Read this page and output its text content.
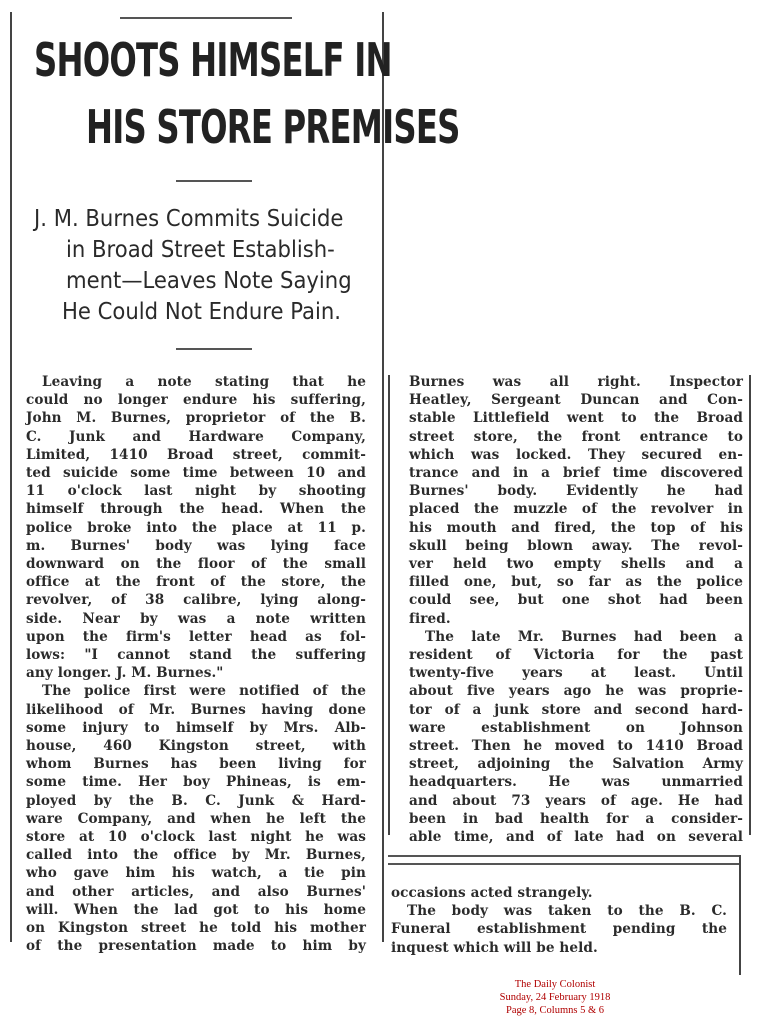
SHOOTS HIMSELF IN
HIS STORE PREMISES

J. M. Burnes Commits Suicide

in Broad Street Establish-

ment—Leaves Note Saying

He Could Not Endure Pain.

Leaving a note stating that he

could no longer endure his suffering,

John M. Burnes, proprietor of the B.

C. Junk and Hardware Company,

Limited, 1410 Broad street, commit-

ted suicide some time between 10 and

11 o'clock last night by shooting

himself through the head. When the

police broke into the place at 11 p.

m. Burnes' body was lying face

downward on the floor of the small

office at the front of the store, the

revolver, of 38 calibre, lying along-

side. Near by was a note written

upon the firm's letter head as fol-

lows: "I cannot stand the suffering

any longer. J. M. Burnes."

The police first were notified of the

likelihood of Mr. Burnes having done

some injury to himself by Mrs. Alb-

house, 460 Kingston street, with

whom Burnes has been living for

some time. Her boy Phineas, is em-

ployed by the B. C. Junk & Hard-

ware Company, and when he left the

store at 10 o'clock last night he was

called into the office by Mr. Burnes,

who gave him his watch, a tie pin

and other articles, and also Burnes'

will. When the lad got to his home

on Kingston street he told his mother

of the presentation made to him by

Burnes was all right. Inspector

Heatley, Sergeant Duncan and Con-

stable Littlefield went to the Broad

street store, the front entrance to

which was locked. They secured en-

trance and in a brief time discovered

Burnes' body. Evidently he had

placed the muzzle of the revolver in

his mouth and fired, the top of his

skull being blown away. The revol-

ver held two empty shells and a

filled one, but, so far as the police

could see, but one shot had been

fired.

The late Mr. Burnes had been a

resident of Victoria for the past

twenty-five years at least. Until

about five years ago he was proprie-

tor of a junk store and second hard-

ware establishment on Johnson

street. Then he moved to 1410 Broad

street, adjoining the Salvation Army

headquarters. He was unmarried

and about 73 years of age. He had

been in bad health for a consider-

able time, and of late had on several

occasions acted strangely.

The body was taken to the B. C.

Funeral establishment pending the

inquest which will be held.

The Daily Colonist
Sunday, 24 February 1918
Page 8, Columns 5 & 6
